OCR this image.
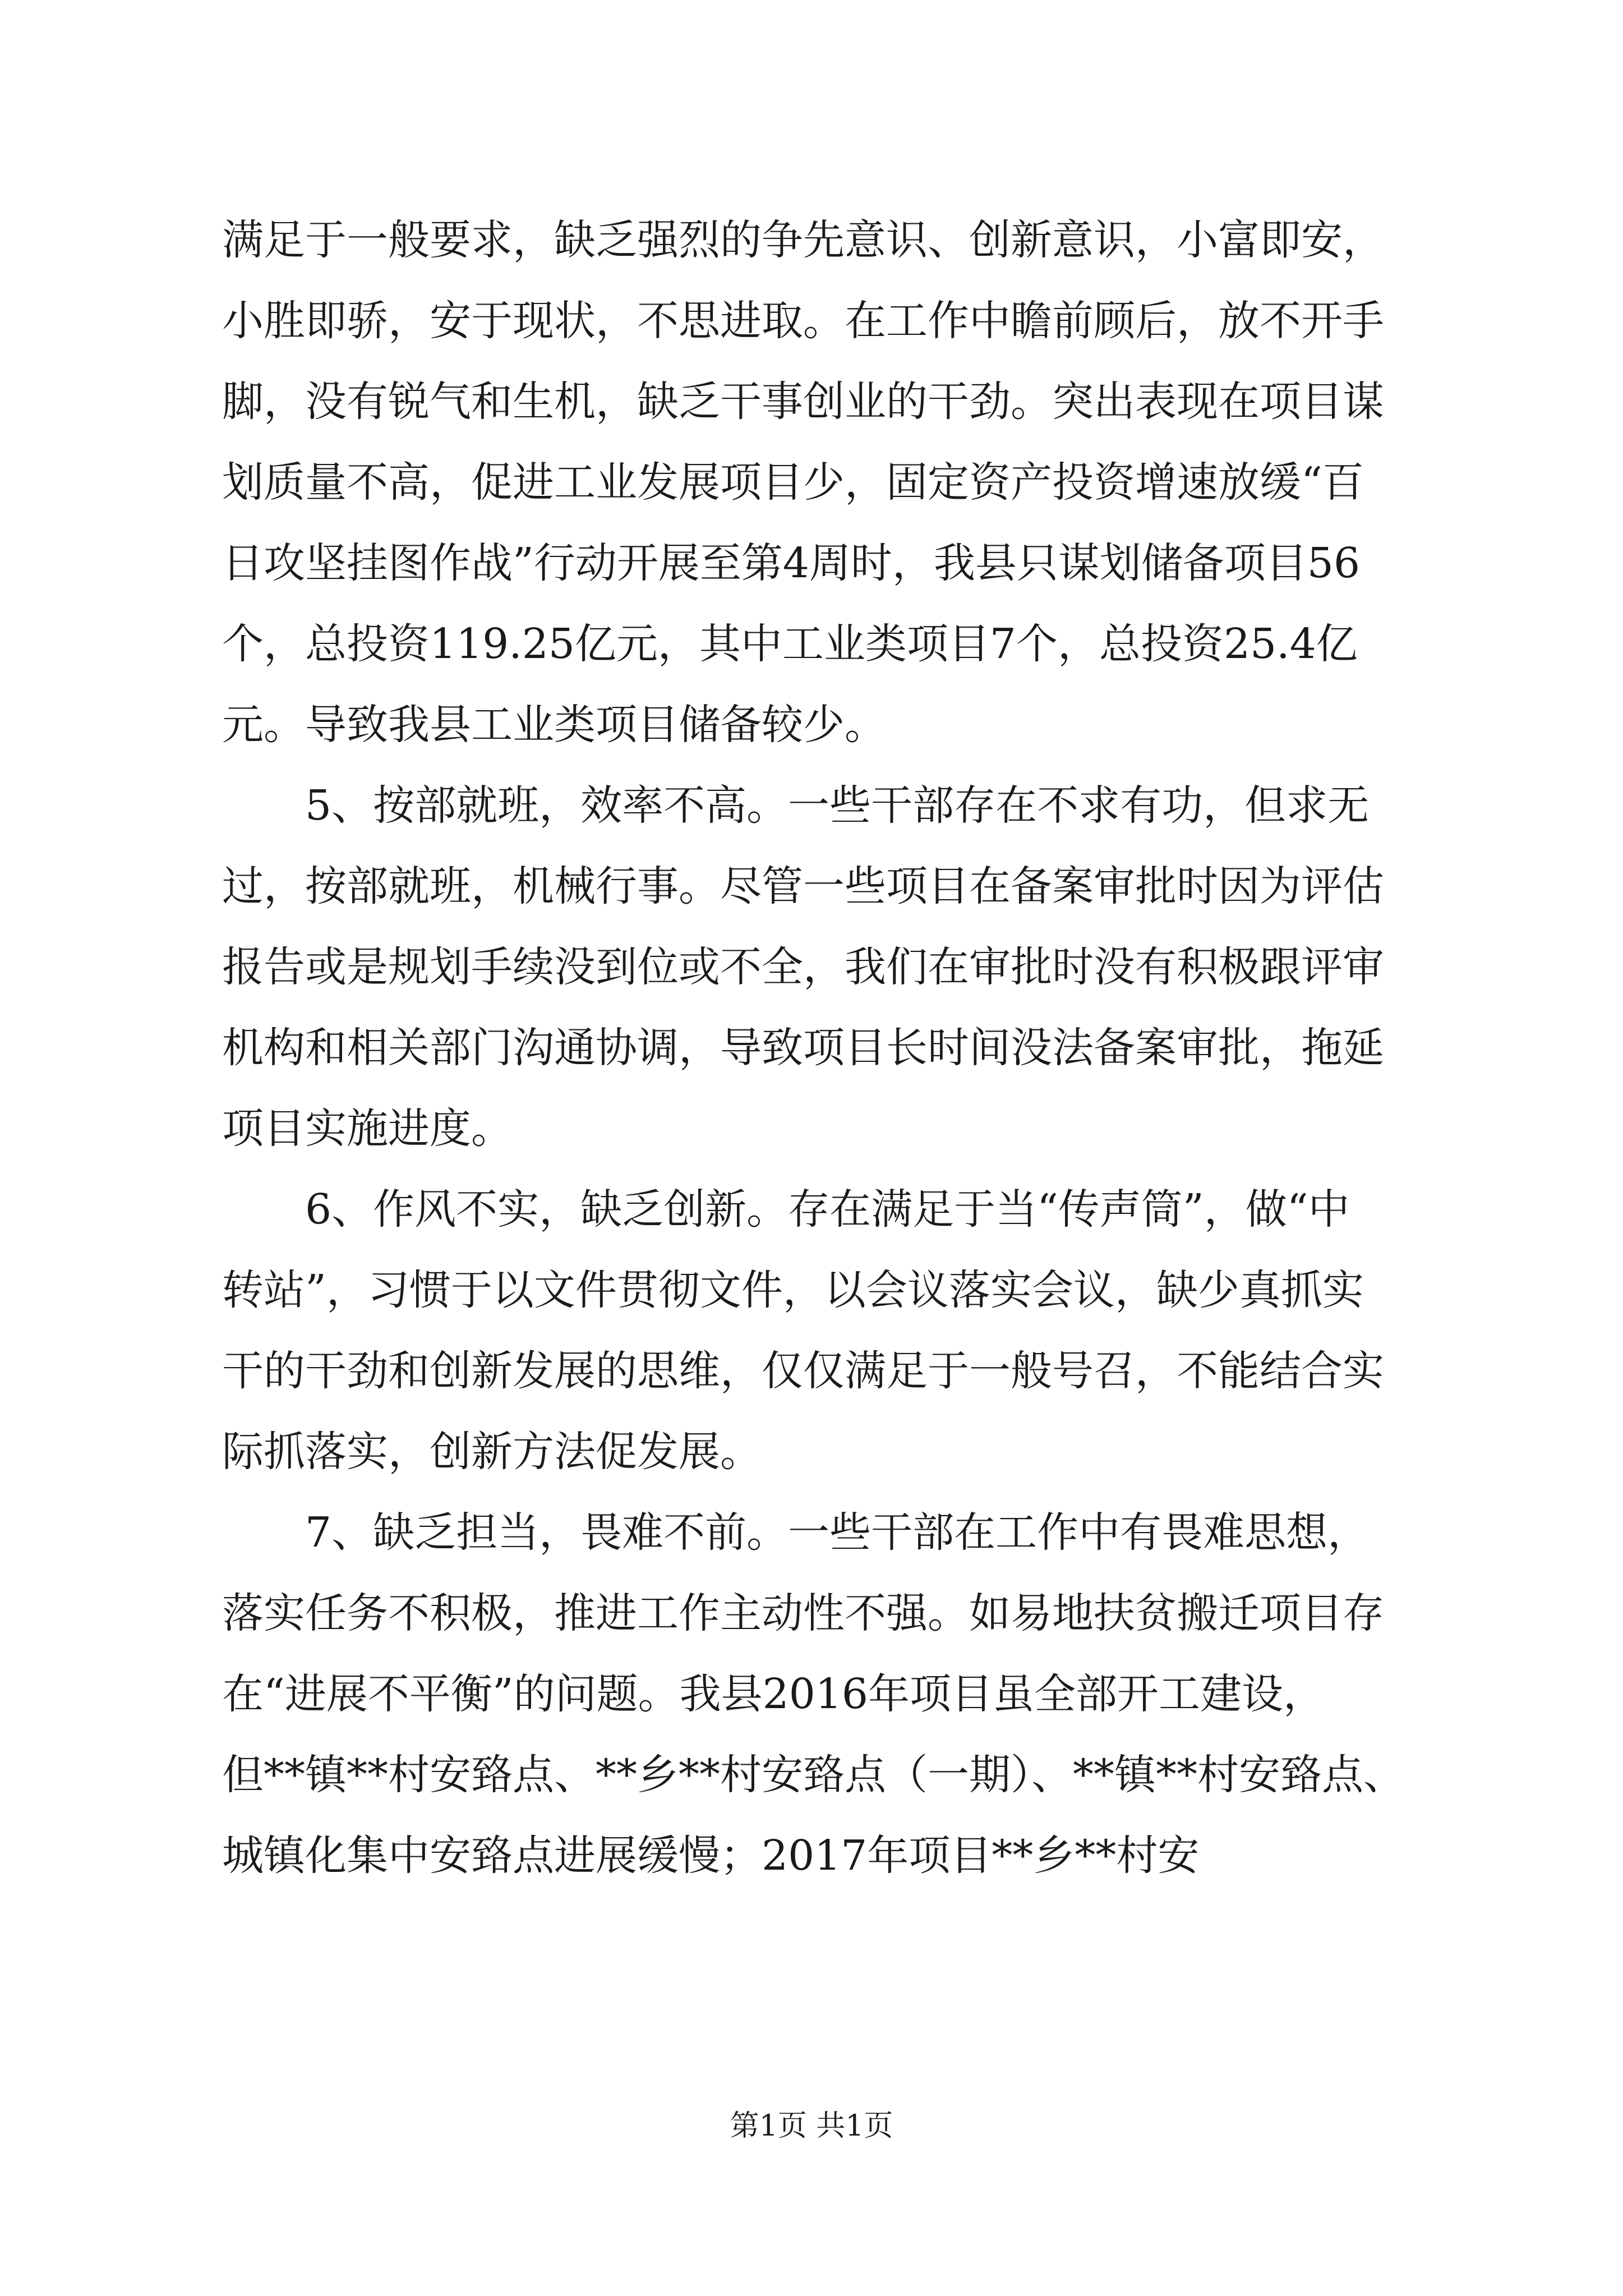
满足于一般要求，缺乏强烈的争先意识、创新意识，小富即安，
小胜即骄，安于现状，不思进取。在工作中瞻前顾后，放不开手
脚，没有锐气和生机，缺乏干事创业的干劲。突出表现在项目谋
划质量不高，促进工业发展项目少，固定资产投资增速放缓“百
日攻坚挂图作战”行动开展至第4周时，我县只谋划储备项目56
个，总投资119.25亿元，其中工业类项目7个，总投资25.4亿
元。导致我县工业类项目储备较少。
　　5、按部就班，效率不高。一些干部存在不求有功，但求无
过，按部就班，机械行事。尽管一些项目在备案审批时因为评估
报告或是规划手续没到位或不全，我们在审批时没有积极跟评审
机构和相关部门沟通协调，导致项目长时间没法备案审批，拖延
项目实施进度。
　　6、作风不实，缺乏创新。存在满足于当“传声筒”，做“中
转站”，习惯于以文件贯彻文件，以会议落实会议，缺少真抓实
干的干劲和创新发展的思维，仅仅满足于一般号召，不能结合实
际抓落实，创新方法促发展。
　　7、缺乏担当，畏难不前。一些干部在工作中有畏难思想，
落实任务不积极，推进工作主动性不强。如易地扶贫搬迁项目存
在“进展不平衡”的问题。我县2016年项目虽全部开工建设，
但**镇**村安臵点、**乡**村安臵点（一期）、**镇**村安臵点、
城镇化集中安臵点进展缓慢；2017年项目**乡**村安
第1页 共1页
